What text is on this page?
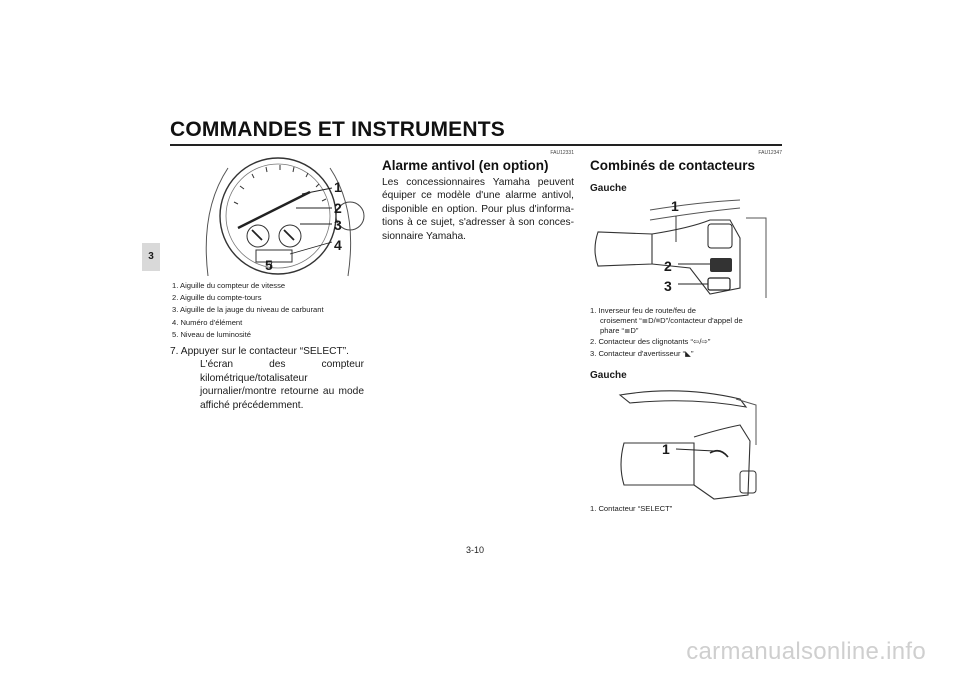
COMMANDES ET INSTRUMENTS
3
1
2
3
4
5
1. Aiguille du compteur de vitesse
2. Aiguille du compte-tours
3. Aiguille de la jauge du niveau de carburant
4. Numéro d'élément
5. Niveau de luminosité
7. Appuyer sur le contacteur “SELECT”.
L'écran des compteur kilométrique/totalisateur journalier/montre retourne au mode affiché précédemment.
FAU12331
Alarme antivol (en option)
Les concessionnaires Yamaha peuvent équiper ce modèle d'une alarme antivol, disponible en option. Pour plus d'informations à ce sujet, s'adresser à son concessionnaire Yamaha.
FAU12347
Combinés de contacteurs
Gauche
1
2
3
1. Inverseur feu de route/feu de
croisement “≣D/≡D”/contacteur d'appel de
phare “≣D”
2. Contacteur des clignotants “⇦/⇨”
3. Contacteur d'avertisseur “◣”
Gauche
1
1. Contacteur “SELECT”
3-10
carmanualsonline.info
